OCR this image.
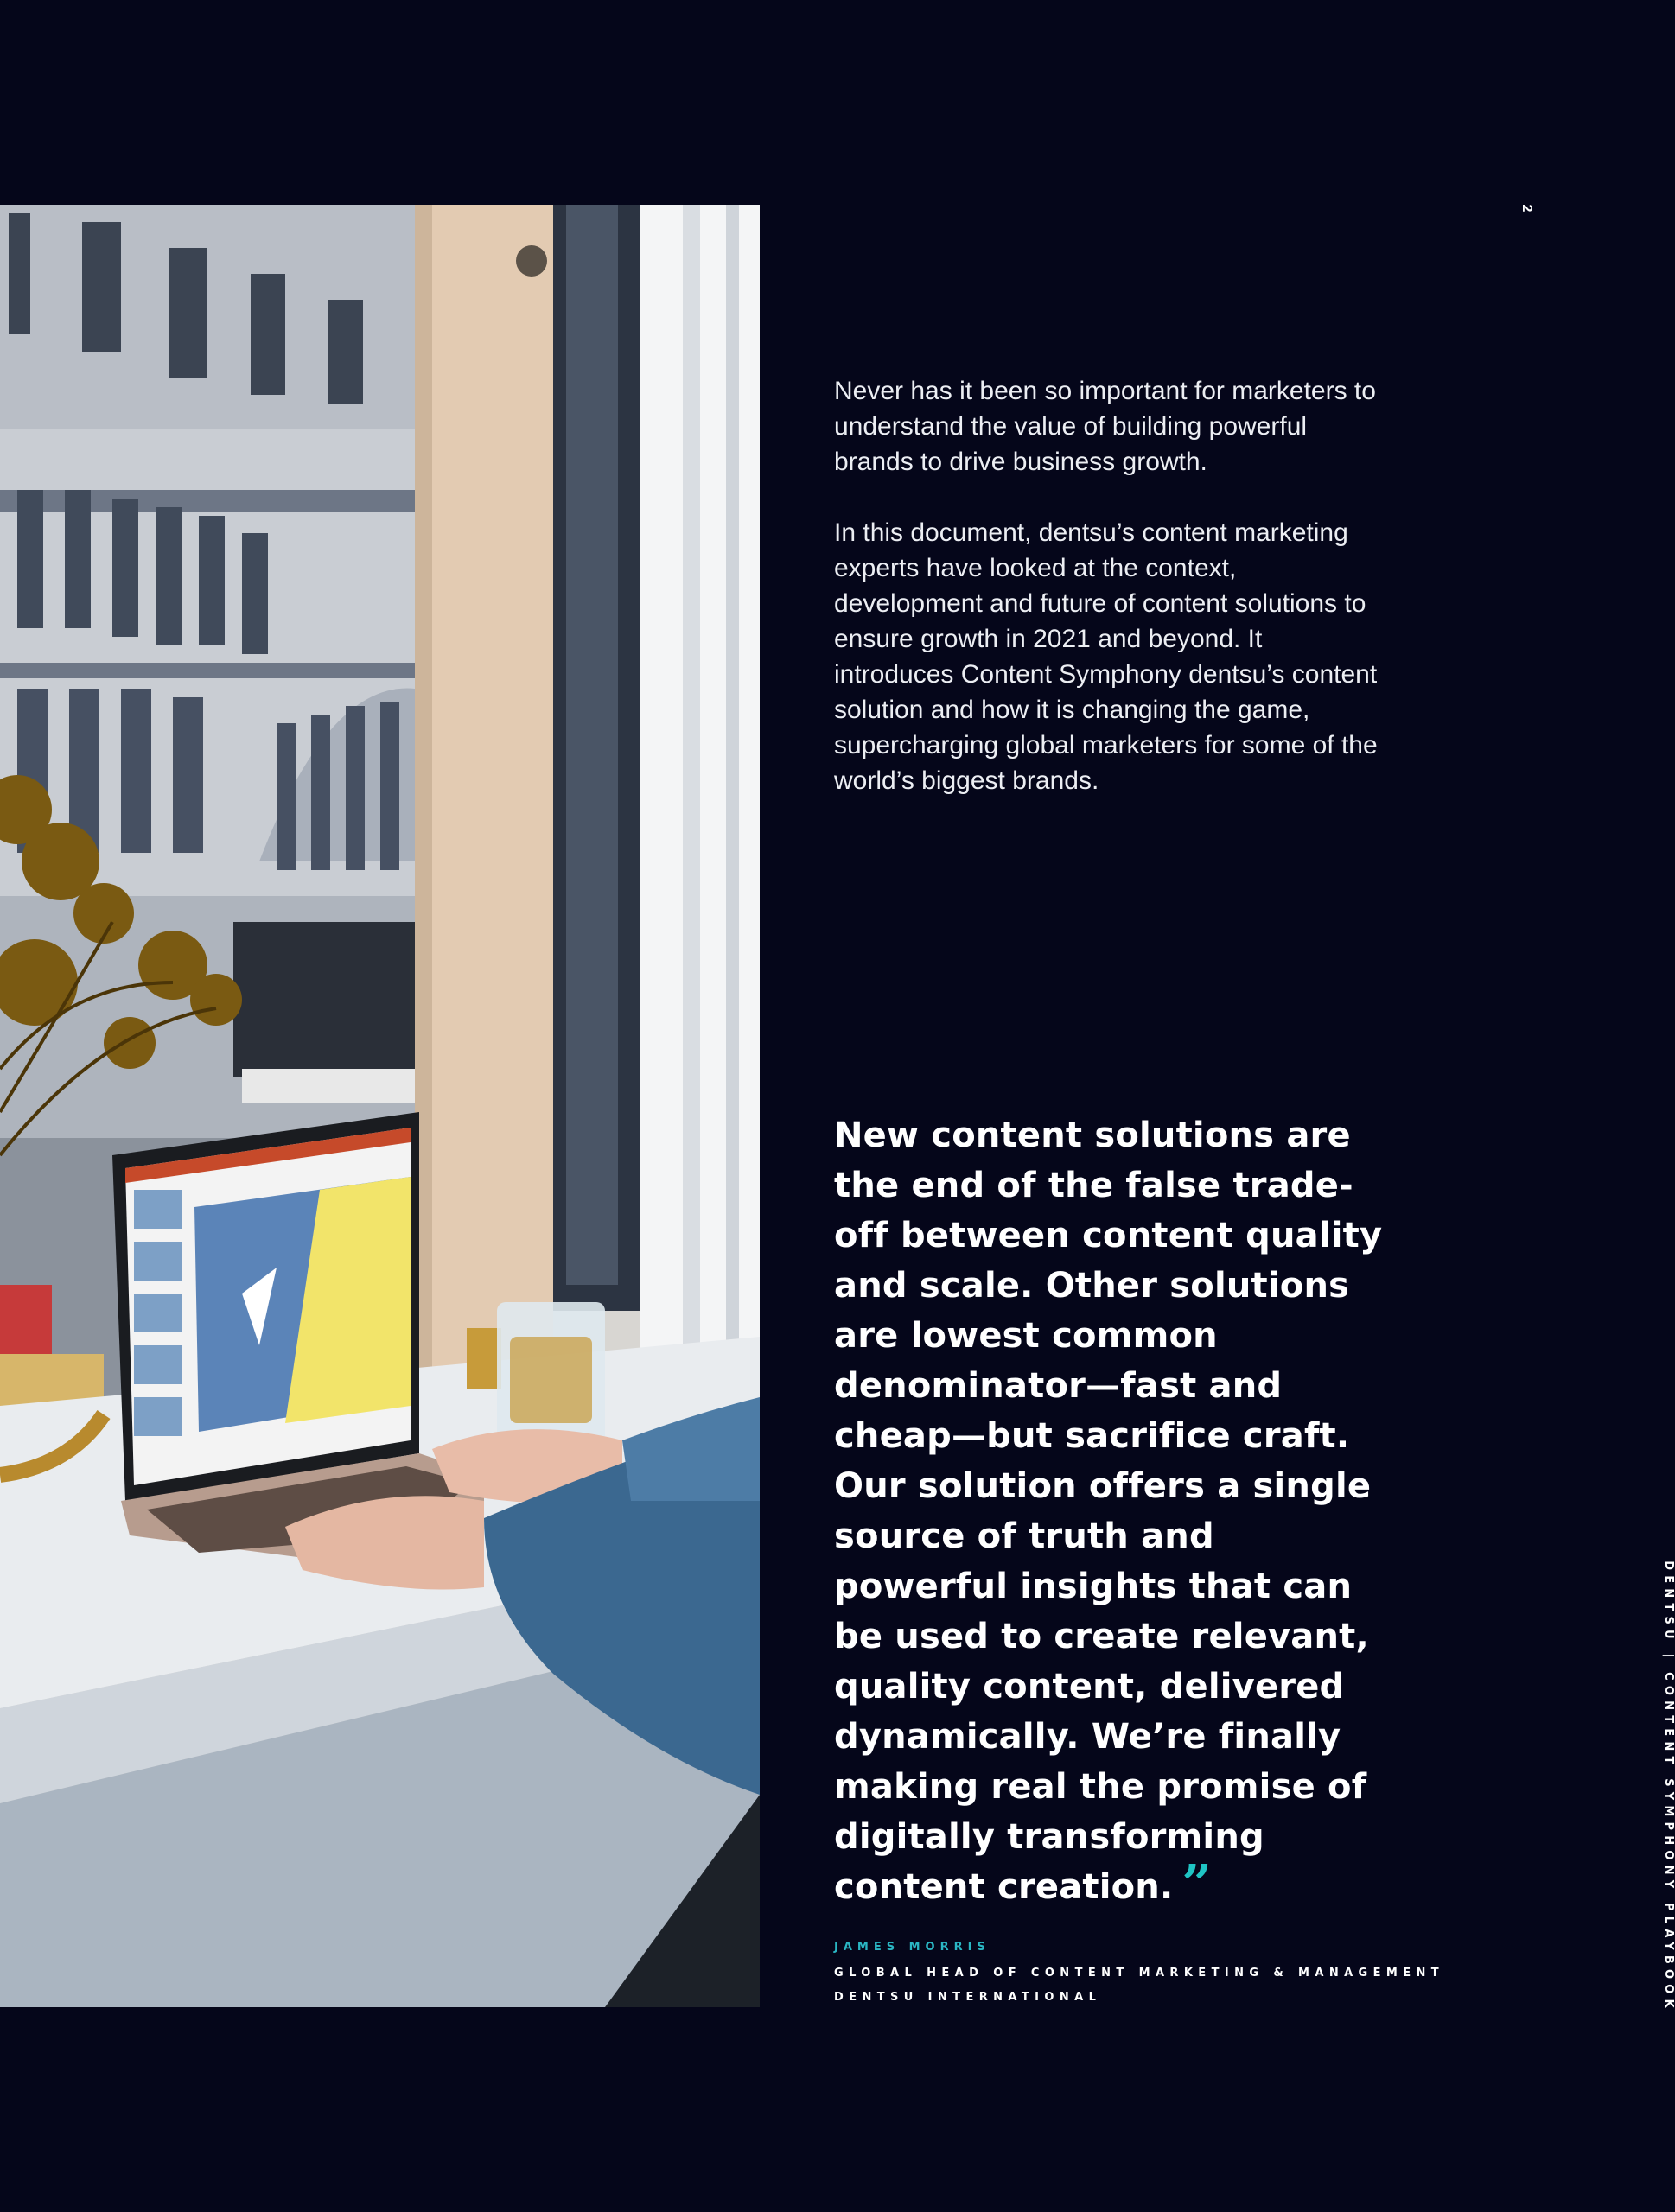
2

Never has it been so important for marketers to understand the value of building powerful brands to drive business growth.

In this document, dentsu’s content marketing experts have looked at the context, development and future of content solutions to ensure growth in 2021 and beyond. It introduces Content Symphony dentsu’s content solution and how it is changing the game, supercharging global marketers for some of the world’s biggest brands.

New content solutions are the end of the false trade-off between content quality and scale. Other solutions are lowest common denominator—fast and cheap—but sacrifice craft. Our solution offers a single source of truth and powerful insights that can be used to create relevant, quality content, delivered dynamically. We’re finally making real the promise of digitally transforming content creation. ”
JAMES MORRIS
GLOBAL HEAD OF CONTENT MARKETING & MANAGEMENT
DENTSU INTERNATIONAL	DENTSU | CONTENT SYMPHONY PLAYBOOK
